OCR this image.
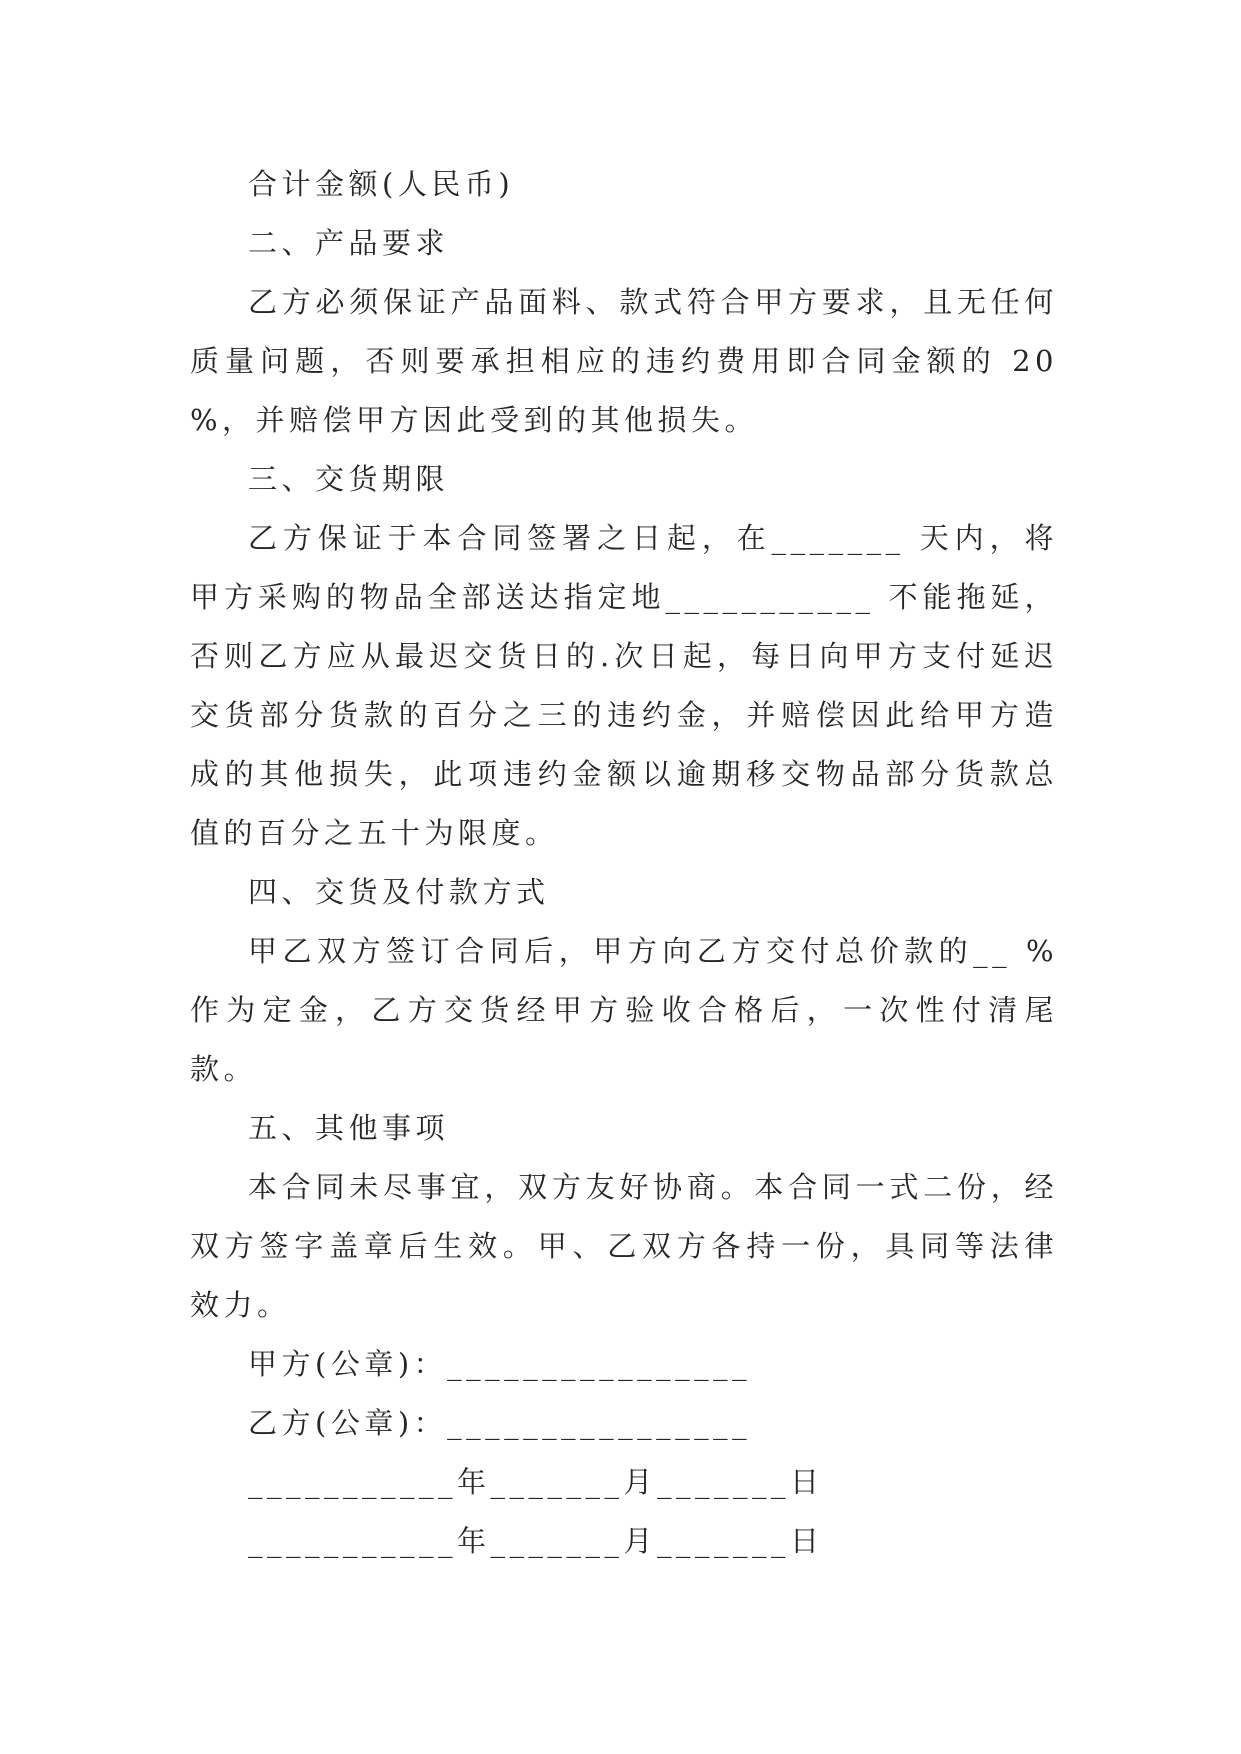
合计金额(人民币)

二、产品要求

乙方必须保证产品面料、款式符合甲方要求，且无任何质量问题，否则要承担相应的违约费用即合同金额的 20 %，并赔偿甲方因此受到的其他损失。

三、交货期限

乙方保证于本合同签署之日起，在_______ 天内，将甲方采购的物品全部送达指定地___________ 不能拖延，否则乙方应从最迟交货日的.次日起，每日向甲方支付延迟交货部分货款的百分之三的违约金，并赔偿因此给甲方造成的其他损失，此项违约金额以逾期移交物品部分货款总值的百分之五十为限度。

四、交货及付款方式

甲乙双方签订合同后，甲方向乙方交付总价款的__ %作为定金，乙方交货经甲方验收合格后，一次性付清尾款。

五、其他事项

本合同未尽事宜，双方友好协商。本合同一式二份，经双方签字盖章后生效。甲、乙双方各持一份，具同等法律效力。

甲方(公章)：________________
乙方(公章)：________________
___________年_______月_______日
___________年_______月_______日
